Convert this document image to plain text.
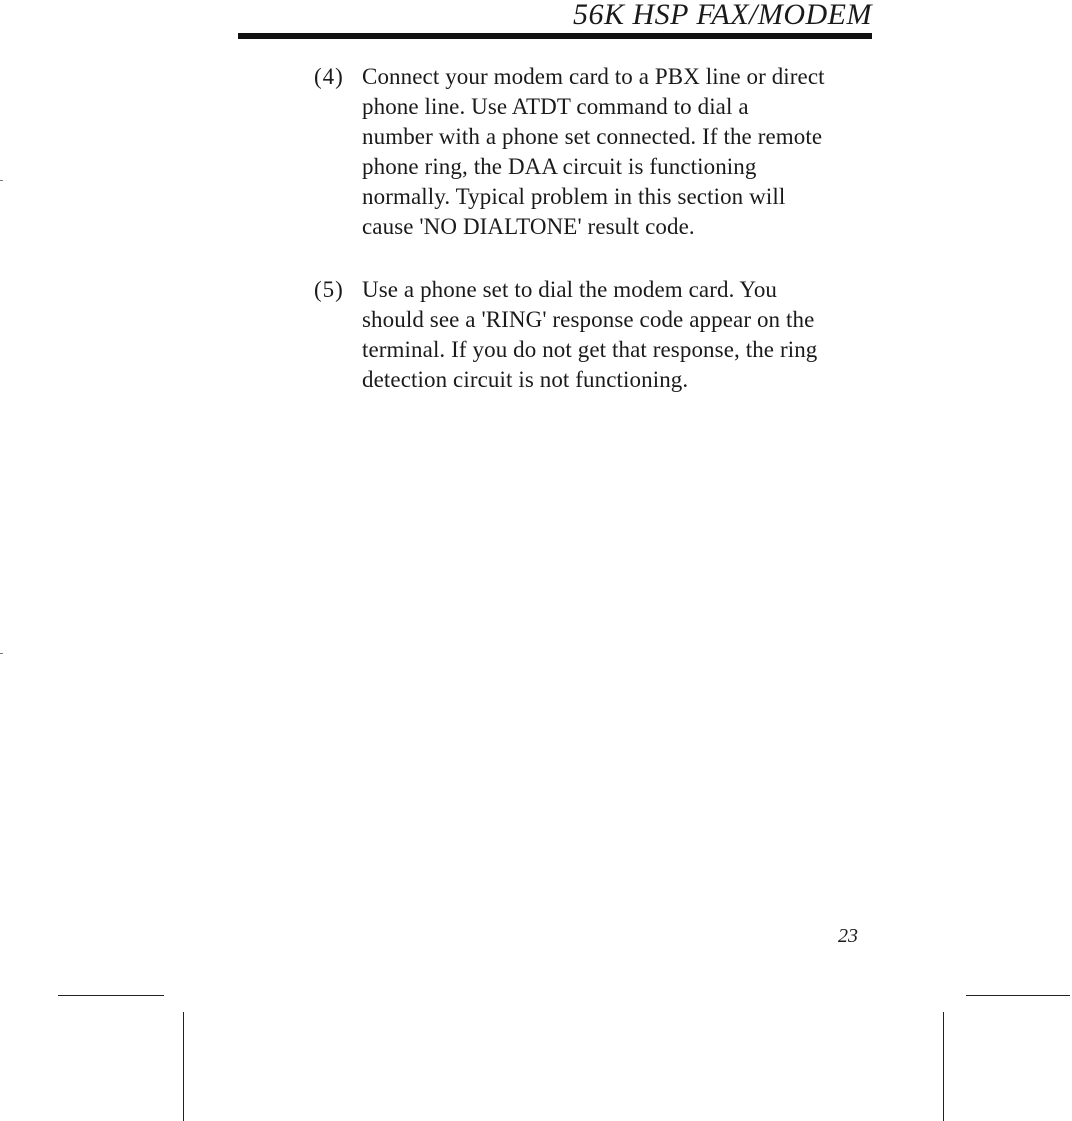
56K HSP FAX/MODEM
(4) Connect your modem card to a PBX line or direct
phone line. Use ATDT command to dial a
number with a phone set connected. If the remote
phone ring, the DAA circuit is functioning
normally. Typical problem in this section will
cause 'NO DIALTONE' result code.
(5) Use a phone set to dial the modem card. You
should see a 'RING' response code appear on the
terminal. If you do not get that response, the ring
detection circuit is not functioning.
23
